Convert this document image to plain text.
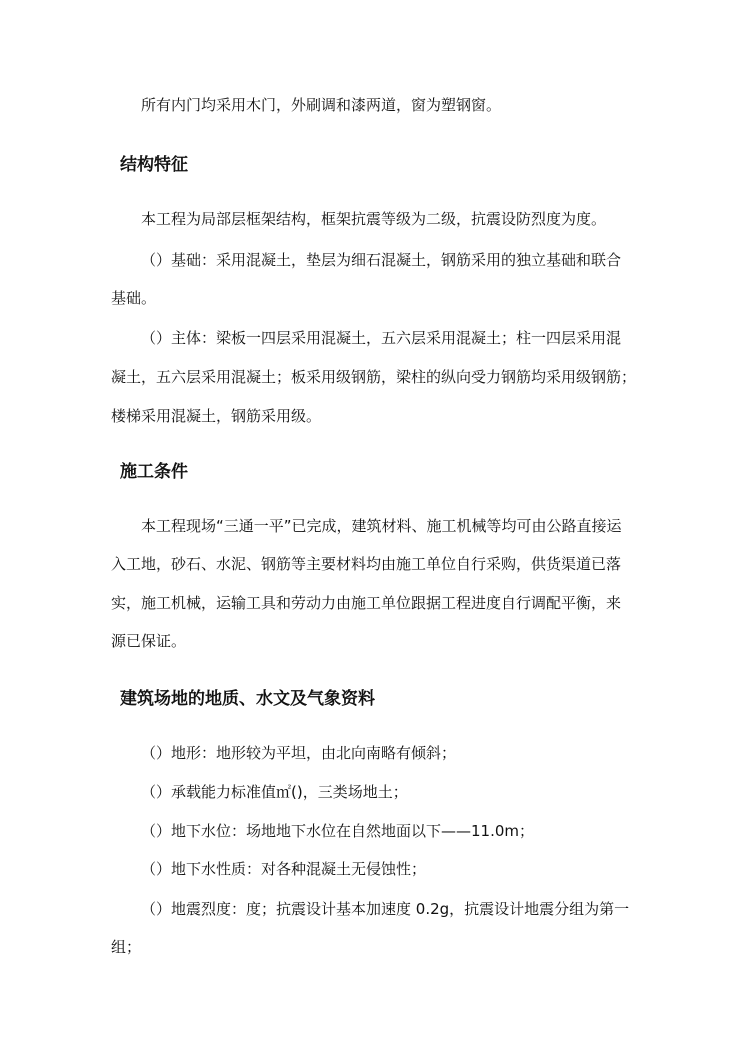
所有内门均采用木门，外刷调和漆两道，窗为塑钢窗。

结构特征

本工程为局部层框架结构，框架抗震等级为二级，抗震设防烈度为度。

（）基础：采用混凝土，垫层为细石混凝土，钢筋采用的独立基础和联合

基础。

（）主体：梁板一四层采用混凝土，五六层采用混凝土；柱一四层采用混

凝土，五六层采用混凝土；板采用级钢筋，梁柱的纵向受力钢筋均采用级钢筋；

楼梯采用混凝土，钢筋采用级。

施工条件

本工程现场“三通一平”已完成，建筑材料、施工机械等均可由公路直接运

入工地，砂石、水泥、钢筋等主要材料均由施工单位自行采购，供货渠道已落

实，施工机械，运输工具和劳动力由施工单位跟据工程进度自行调配平衡，来

源已保证。

建筑场地的地质、水文及气象资料

（）地形：地形较为平坦，由北向南略有倾斜；

（）承载能力标准值㎡()，三类场地土；

（）地下水位：场地地下水位在自然地面以下——11.0m；

（）地下水性质：对各种混凝土无侵蚀性；

（）地震烈度：度；抗震设计基本加速度 0.2g，抗震设计地震分组为第一

组；
